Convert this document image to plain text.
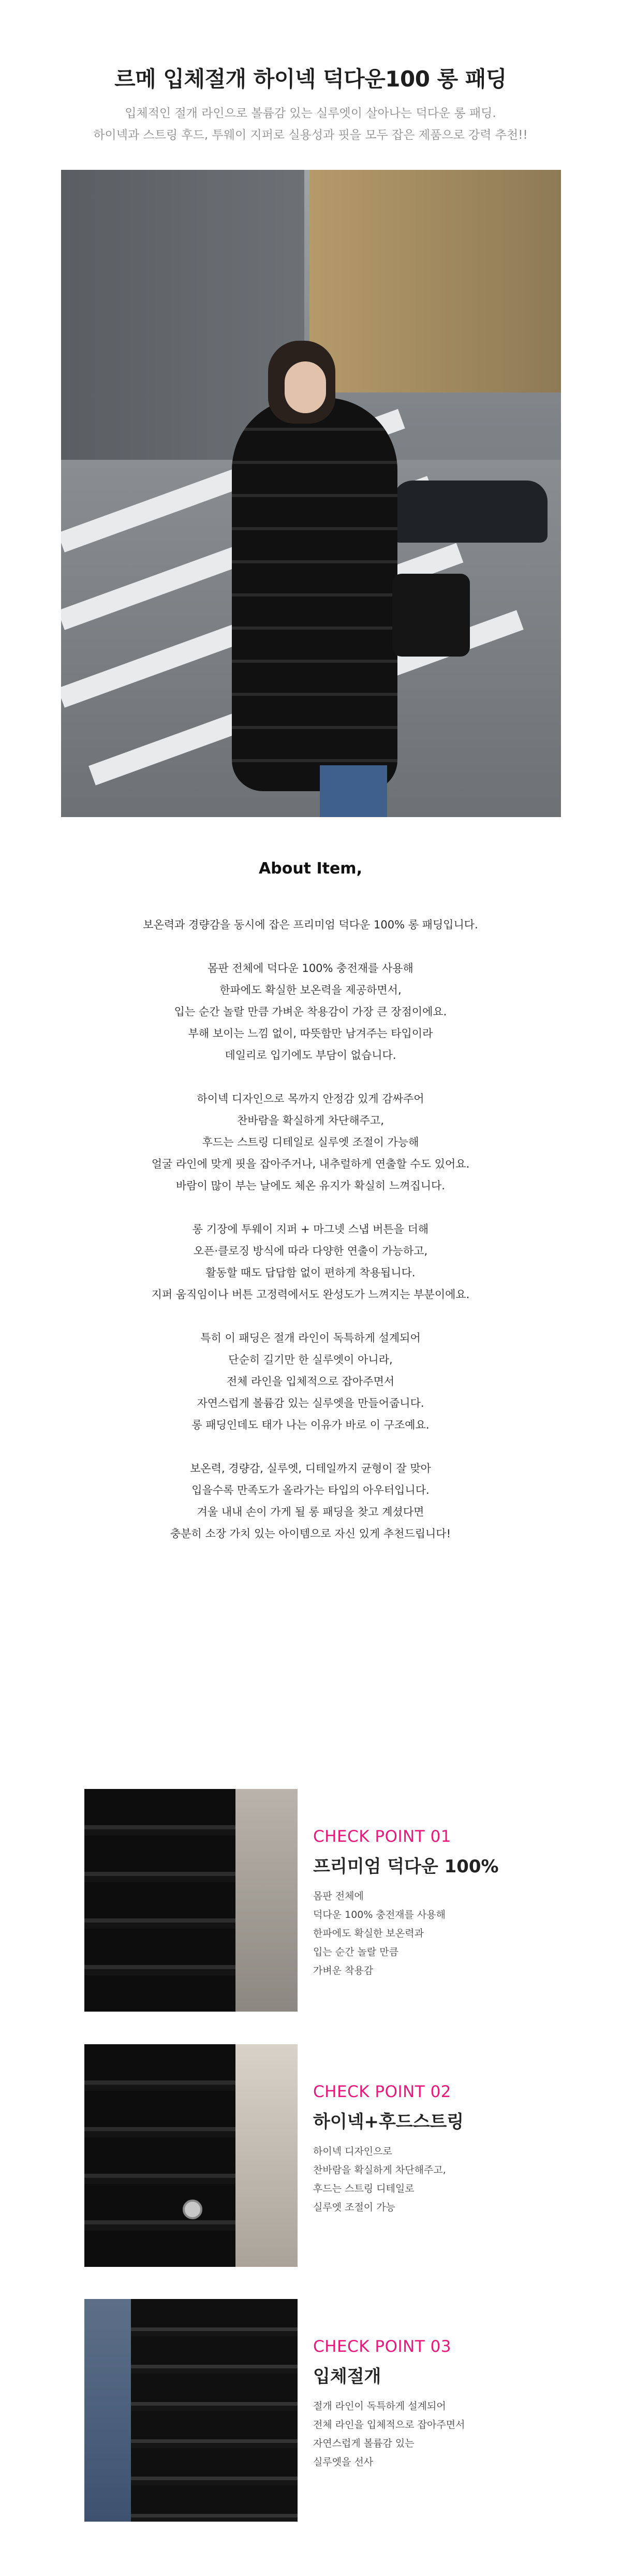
르메 입체절개 하이넥 덕다운100 롱 패딩
입체적인 절개 라인으로 볼륨감 있는 실루엣이 살아나는 덕다운 롱 패딩.
하이넥과 스트링 후드, 투웨이 지퍼로 실용성과 핏을 모두 잡은 제품으로 강력 추천!!
About Item,
보온력과 경량감을 동시에 잡은 프리미엄 덕다운 100% 롱 패딩입니다.
몸판 전체에 덕다운 100% 충전재를 사용해
한파에도 확실한 보온력을 제공하면서,
입는 순간 놀랄 만큼 가벼운 착용감이 가장 큰 장점이에요.
부해 보이는 느낌 없이, 따뜻함만 남겨주는 타입이라
데일리로 입기에도 부담이 없습니다.
하이넥 디자인으로 목까지 안정감 있게 감싸주어
찬바람을 확실하게 차단해주고,
후드는 스트링 디테일로 실루엣 조절이 가능해
얼굴 라인에 맞게 핏을 잡아주거나, 내추럴하게 연출할 수도 있어요.
바람이 많이 부는 날에도 체온 유지가 확실히 느껴집니다.
롱 기장에 투웨이 지퍼 + 마그넷 스냅 버튼을 더해
오픈·클로징 방식에 따라 다양한 연출이 가능하고,
활동할 때도 답답함 없이 편하게 착용됩니다.
지퍼 움직임이나 버튼 고정력에서도 완성도가 느껴지는 부분이에요.
특히 이 패딩은 절개 라인이 독특하게 설계되어
단순히 길기만 한 실루엣이 아니라,
전체 라인을 입체적으로 잡아주면서
자연스럽게 볼륨감 있는 실루엣을 만들어줍니다.
롱 패딩인데도 태가 나는 이유가 바로 이 구조예요.
보온력, 경량감, 실루엣, 디테일까지 균형이 잘 맞아
입을수록 만족도가 올라가는 타입의 아우터입니다.
겨울 내내 손이 가게 될 롱 패딩을 찾고 계셨다면
충분히 소장 가치 있는 아이템으로 자신 있게 추천드립니다!
CHECK POINT 01
프리미엄 덕다운 100%
몸판 전체에
덕다운 100% 충전재를 사용해
한파에도 확실한 보온력과
입는 순간 놀랄 만큼
가벼운 착용감
CHECK POINT 02
하이넥+후드스트링
하이넥 디자인으로
찬바람을 확실하게 차단해주고,
후드는 스트링 디테일로
실루엣 조절이 가능
CHECK POINT 03
입체절개
절개 라인이 독특하게 설계되어
전체 라인을 입체적으로 잡아주면서
자연스럽게 볼륨감 있는
실루엣을 선사
